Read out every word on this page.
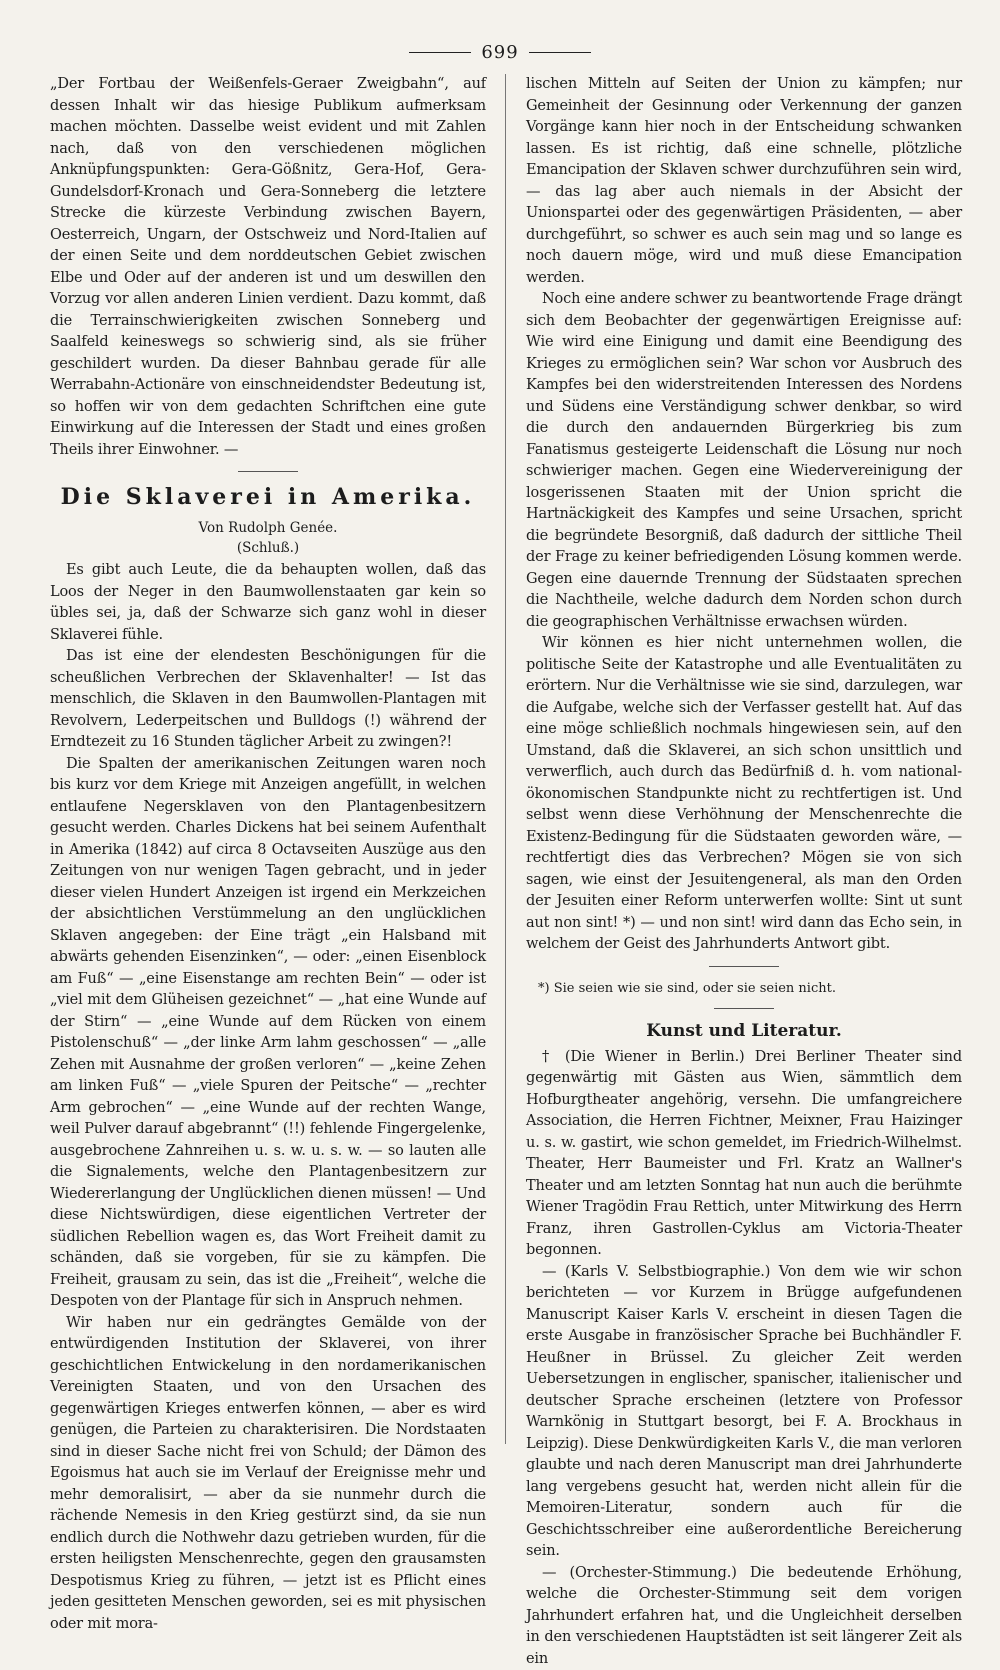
699

„Der Fortbau der Weißenfels-Geraer Zweigbahn“, auf dessen Inhalt wir das hiesige Publikum aufmerksam machen möchten. Dasselbe weist evident und mit Zahlen nach, daß von den verschiedenen möglichen Anknüpfungspunkten: Gera-Gößnitz, Gera-Hof, Gera-Gundelsdorf-Kronach und Gera-Sonneberg die letztere Strecke die kürzeste Verbindung zwischen Bayern, Oesterreich, Ungarn, der Ostschweiz und Nord-Italien auf der einen Seite und dem norddeutschen Gebiet zwischen Elbe und Oder auf der anderen ist und um deswillen den Vorzug vor allen anderen Linien verdient. Dazu kommt, daß die Terrainschwierigkeiten zwischen Sonneberg und Saalfeld keineswegs so schwierig sind, als sie früher geschildert wurden. Da dieser Bahnbau gerade für alle Werrabahn-Actionäre von einschneidendster Bedeutung ist, so hoffen wir von dem gedachten Schriftchen eine gute Einwirkung auf die Interessen der Stadt und eines großen Theils ihrer Einwohner. —

Die Sklaverei in Amerika.
Von Rudolph Genée.
(Schluß.)

Es gibt auch Leute, die da behaupten wollen, daß das Loos der Neger in den Baumwollenstaaten gar kein so übles sei, ja, daß der Schwarze sich ganz wohl in dieser Sklaverei fühle.

Das ist eine der elendesten Beschönigungen für die scheußlichen Verbrechen der Sklavenhalter! — Ist das menschlich, die Sklaven in den Baumwollen-Plantagen mit Revolvern, Lederpeitschen und Bulldogs (!) während der Erndtezeit zu 16 Stunden täglicher Arbeit zu zwingen?!

Die Spalten der amerikanischen Zeitungen waren noch bis kurz vor dem Kriege mit Anzeigen angefüllt, in welchen entlaufene Negersklaven von den Plantagenbesitzern gesucht werden. Charles Dickens hat bei seinem Aufenthalt in Amerika (1842) auf circa 8 Octavseiten Auszüge aus den Zeitungen von nur wenigen Tagen gebracht, und in jeder dieser vielen Hundert Anzeigen ist irgend ein Merkzeichen der absichtlichen Verstümmelung an den unglücklichen Sklaven angegeben: der Eine trägt „ein Halsband mit abwärts gehenden Eisenzinken“, — oder: „einen Eisenblock am Fuß“ — „eine Eisenstange am rechten Bein“ — oder ist „viel mit dem Glüheisen gezeichnet“ — „hat eine Wunde auf der Stirn“ — „eine Wunde auf dem Rücken von einem Pistolenschuß“ — „der linke Arm lahm geschossen“ — „alle Zehen mit Ausnahme der großen verloren“ — „keine Zehen am linken Fuß“ — „viele Spuren der Peitsche“ — „rechter Arm gebrochen“ — „eine Wunde auf der rechten Wange, weil Pulver darauf abgebrannt“ (!!) fehlende Fingergelenke, ausgebrochene Zahnreihen u. s. w. u. s. w. — so lauten alle die Signalements, welche den Plantagenbesitzern zur Wiedererlangung der Unglücklichen dienen müssen! — Und diese Nichtswürdigen, diese eigentlichen Vertreter der südlichen Rebellion wagen es, das Wort Freiheit damit zu schänden, daß sie vorgeben, für sie zu kämpfen. Die Freiheit, grausam zu sein, das ist die „Freiheit“, welche die Despoten von der Plantage für sich in Anspruch nehmen.

Wir haben nur ein gedrängtes Gemälde von der entwürdigenden Institution der Sklaverei, von ihrer geschichtlichen Entwickelung in den nordamerikanischen Vereinigten Staaten, und von den Ursachen des gegenwärtigen Krieges entwerfen können, — aber es wird genügen, die Parteien zu charakterisiren. Die Nordstaaten sind in dieser Sache nicht frei von Schuld; der Dämon des Egoismus hat auch sie im Verlauf der Ereignisse mehr und mehr demoralisirt, — aber da sie nunmehr durch die rächende Nemesis in den Krieg gestürzt sind, da sie nun endlich durch die Nothwehr dazu getrieben wurden, für die ersten heiligsten Menschenrechte, gegen den grausamsten Despotismus Krieg zu führen, — jetzt ist es Pflicht eines jeden gesitteten Menschen geworden, sei es mit physischen oder mit mora-

lischen Mitteln auf Seiten der Union zu kämpfen; nur Gemeinheit der Gesinnung oder Verkennung der ganzen Vorgänge kann hier noch in der Entscheidung schwanken lassen. Es ist richtig, daß eine schnelle, plötzliche Emancipation der Sklaven schwer durchzuführen sein wird, — das lag aber auch niemals in der Absicht der Unionspartei oder des gegenwärtigen Präsidenten, — aber durchgeführt, so schwer es auch sein mag und so lange es noch dauern möge, wird und muß diese Emancipation werden.

Noch eine andere schwer zu beantwortende Frage drängt sich dem Beobachter der gegenwärtigen Ereignisse auf: Wie wird eine Einigung und damit eine Beendigung des Krieges zu ermöglichen sein? War schon vor Ausbruch des Kampfes bei den widerstreitenden Interessen des Nordens und Südens eine Verständigung schwer denkbar, so wird die durch den andauernden Bürgerkrieg bis zum Fanatismus gesteigerte Leidenschaft die Lösung nur noch schwieriger machen. Gegen eine Wiedervereinigung der losgerissenen Staaten mit der Union spricht die Hartnäckigkeit des Kampfes und seine Ursachen, spricht die begründete Besorgniß, daß dadurch der sittliche Theil der Frage zu keiner befriedigenden Lösung kommen werde. Gegen eine dauernde Trennung der Südstaaten sprechen die Nachtheile, welche dadurch dem Norden schon durch die geographischen Verhältnisse erwachsen würden.

Wir können es hier nicht unternehmen wollen, die politische Seite der Katastrophe und alle Eventualitäten zu erörtern. Nur die Verhältnisse wie sie sind, darzulegen, war die Aufgabe, welche sich der Verfasser gestellt hat. Auf das eine möge schließlich nochmals hingewiesen sein, auf den Umstand, daß die Sklaverei, an sich schon unsittlich und verwerflich, auch durch das Bedürfniß d. h. vom national-ökonomischen Standpunkte nicht zu rechtfertigen ist. Und selbst wenn diese Verhöhnung der Menschenrechte die Existenz-Bedingung für die Südstaaten geworden wäre, — rechtfertigt dies das Verbrechen? Mögen sie von sich sagen, wie einst der Jesuitengeneral, als man den Orden der Jesuiten einer Reform unterwerfen wollte: Sint ut sunt aut non sint! *) — und non sint! wird dann das Echo sein, in welchem der Geist des Jahrhunderts Antwort gibt.

*) Sie seien wie sie sind, oder sie seien nicht.
Kunst und Literatur.

† (Die Wiener in Berlin.) Drei Berliner Theater sind gegenwärtig mit Gästen aus Wien, sämmtlich dem Hofburgtheater angehörig, versehn. Die umfangreichere Association, die Herren Fichtner, Meixner, Frau Haizinger u. s. w. gastirt, wie schon gemeldet, im Friedrich-Wilhelmst. Theater, Herr Baumeister und Frl. Kratz an Wallner's Theater und am letzten Sonntag hat nun auch die berühmte Wiener Tragödin Frau Rettich, unter Mitwirkung des Herrn Franz, ihren Gastrollen-Cyklus am Victoria-Theater begonnen.

— (Karls V. Selbstbiographie.) Von dem wie wir schon berichteten — vor Kurzem in Brügge aufgefundenen Manuscript Kaiser Karls V. erscheint in diesen Tagen die erste Ausgabe in französischer Sprache bei Buchhändler F. Heußner in Brüssel. Zu gleicher Zeit werden Uebersetzungen in englischer, spanischer, italienischer und deutscher Sprache erscheinen (letztere von Professor Warnkönig in Stuttgart besorgt, bei F. A. Brockhaus in Leipzig). Diese Denkwürdigkeiten Karls V., die man verloren glaubte und nach deren Manuscript man drei Jahrhunderte lang vergebens gesucht hat, werden nicht allein für die Memoiren-Literatur, sondern auch für die Geschichtsschreiber eine außerordentliche Bereicherung sein.

— (Orchester-Stimmung.) Die bedeutende Erhöhung, welche die Orchester-Stimmung seit dem vorigen Jahrhundert erfahren hat, und die Ungleichheit derselben in den verschiedenen Hauptstädten ist seit längerer Zeit als ein
